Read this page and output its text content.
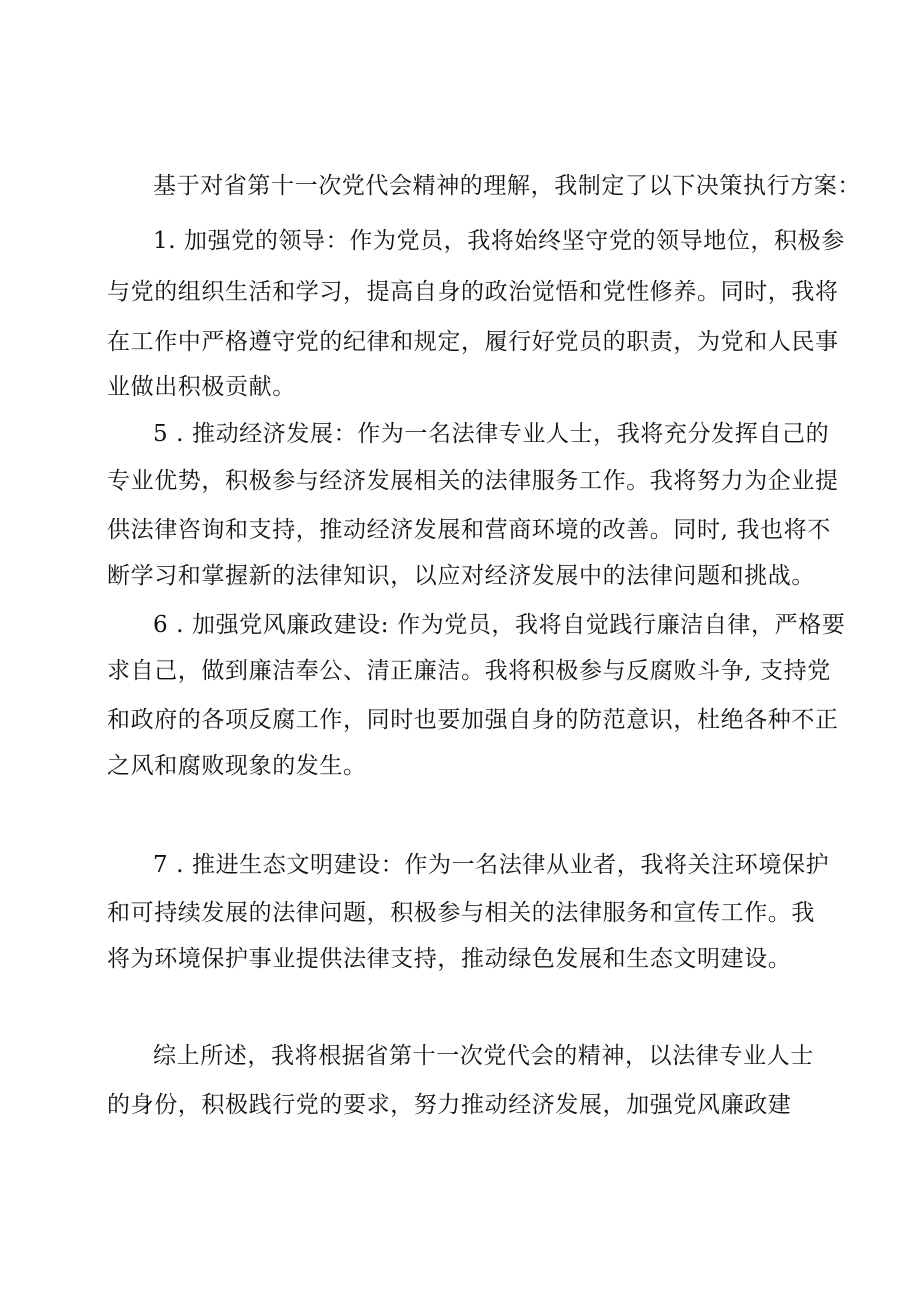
基于对省第十一次党代会精神的理解，我制定了以下决策执行方案：

1. 加强党的领导：作为党员，我将始终坚守党的领导地位，积极参

与党的组织生活和学习，提高自身的政治觉悟和党性修养。同时，我将

在工作中严格遵守党的纪律和规定，履行好党员的职责，为党和人民事

业做出积极贡献。

5 . 推动经济发展：作为一名法律专业人士，我将充分发挥自己的

专业优势，积极参与经济发展相关的法律服务工作。我将努力为企业提

供法律咨询和支持，推动经济发展和营商环境的改善。同时, 我也将不

断学习和掌握新的法律知识，以应对经济发展中的法律问题和挑战。

6 . 加强党风廉政建设: 作为党员，我将自觉践行廉洁自律，严格要

求自己，做到廉洁奉公、清正廉洁。我将积极参与反腐败斗争, 支持党

和政府的各项反腐工作，同时也要加强自身的防范意识，杜绝各种不正

之风和腐败现象的发生。

7 . 推进生态文明建设：作为一名法律从业者，我将关注环境保护

和可持续发展的法律问题，积极参与相关的法律服务和宣传工作。我

将为环境保护事业提供法律支持，推动绿色发展和生态文明建设。

综上所述，我将根据省第十一次党代会的精神，以法律专业人士

的身份，积极践行党的要求，努力推动经济发展，加强党风廉政建
